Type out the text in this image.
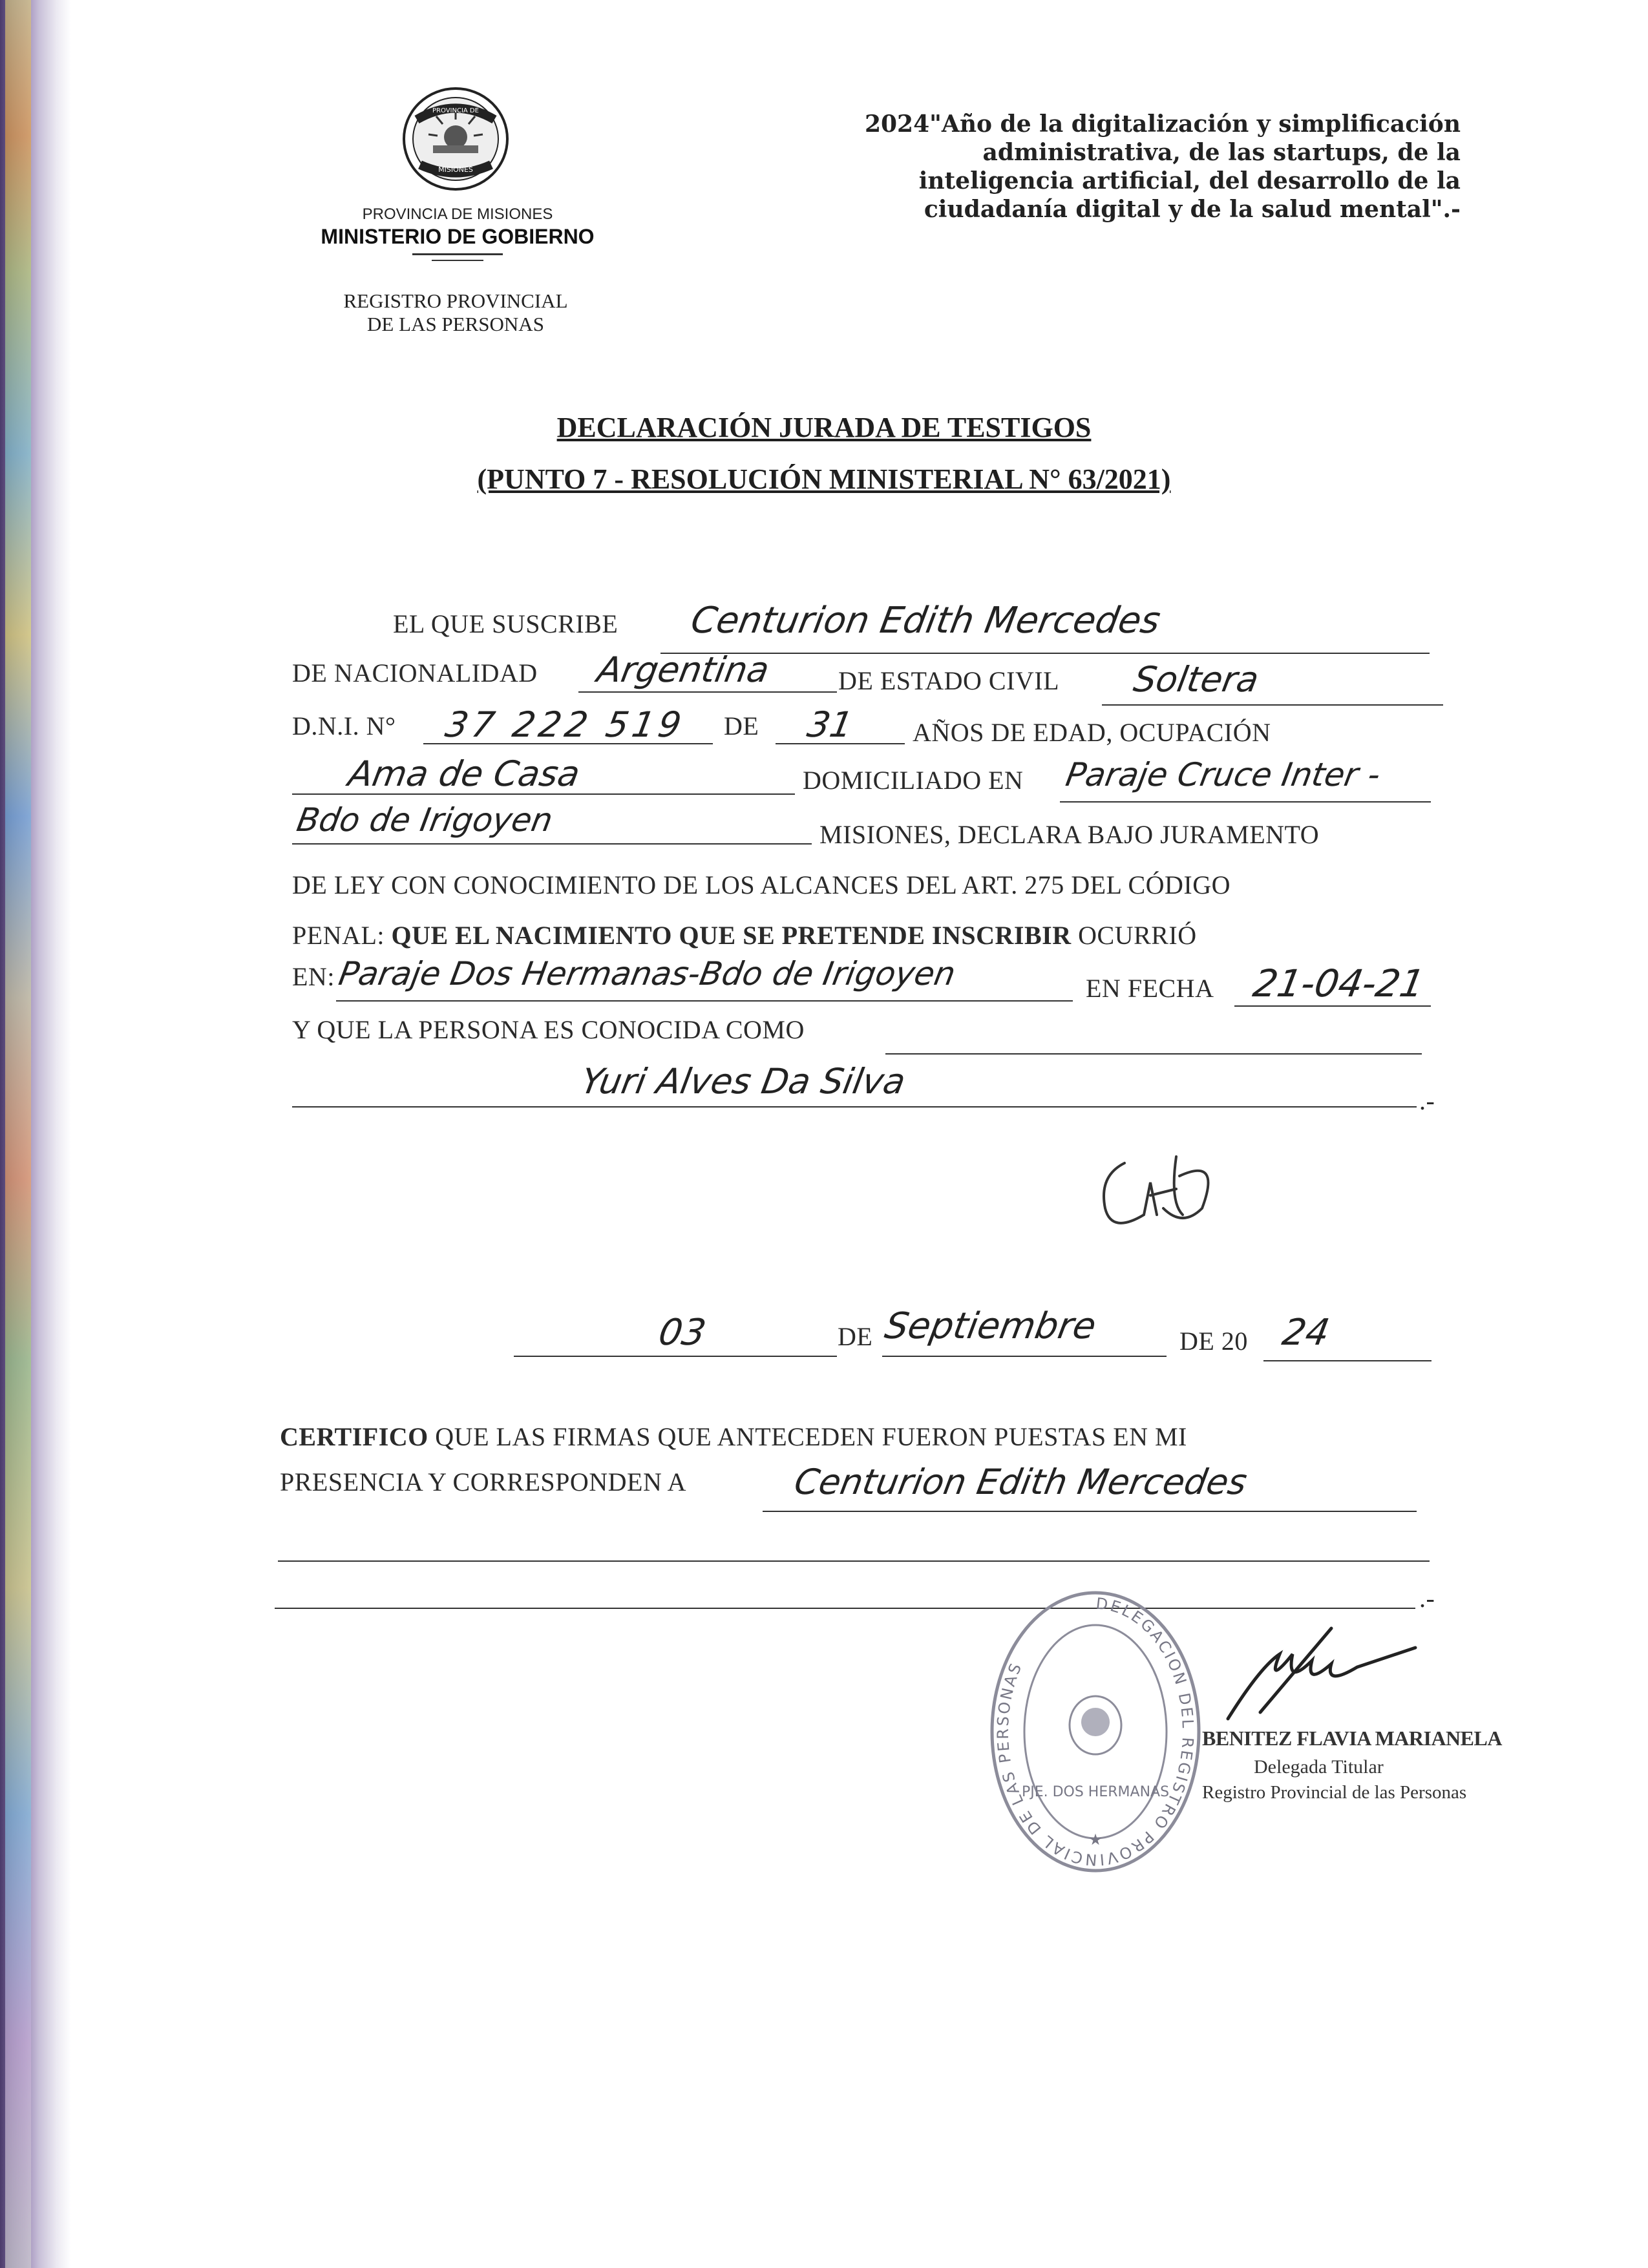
PROVINCIA DE
MISIONES
PROVINCIA DE MISIONES
MINISTERIO DE GOBIERNO
REGISTRO PROVINCIAL
DE LAS PERSONAS
2024"Año de la digitalización y simplificación
administrativa, de las startups, de la
inteligencia artificial, del desarrollo de la
ciudadanía digital y de la salud mental".-
DECLARACIÓN JURADA DE TESTIGOS
(PUNTO 7 - RESOLUCIÓN MINISTERIAL N° 63/2021)
EL QUE SUSCRIBE Centurion Edith Mercedes
DE NACIONALIDAD Argentina	DE ESTADO CIVIL Soltera
D.N.I. N° 37 222 519 DE 31 AÑOS DE EDAD, OCUPACIÓN
Ama de Casa	DOMICILIADO EN Paraje Cruce Inter -
Bdo de Irigoyen	MISIONES, DECLARA BAJO JURAMENTO
DE LEY CON CONOCIMIENTO DE LOS ALCANCES DEL ART. 275 DEL CÓDIGO
PENAL: QUE EL NACIMIENTO QUE SE PRETENDE INSCRIBIR OCURRIÓ
EN: Paraje Dos Hermanas-Bdo de Irigoyen	EN FECHA 21-04-21
Y QUE LA PERSONA ES CONOCIDA COMO
Yuri Alves Da Silva	.-
03	DE Septiembre	DE 20 24
CERTIFICO QUE LAS FIRMAS QUE ANTECEDEN FUERON PUESTAS EN MI
PRESENCIA Y CORRESPONDEN A	Centurion Edith Mercedes
.-
DELEGACION DEL REGISTRO PROVINCIAL DE LAS PERSONAS
PJE. DOS HERMANAS
★
BENITEZ FLAVIA MARIANELA
Delegada Titular
Registro Provincial de las Personas
